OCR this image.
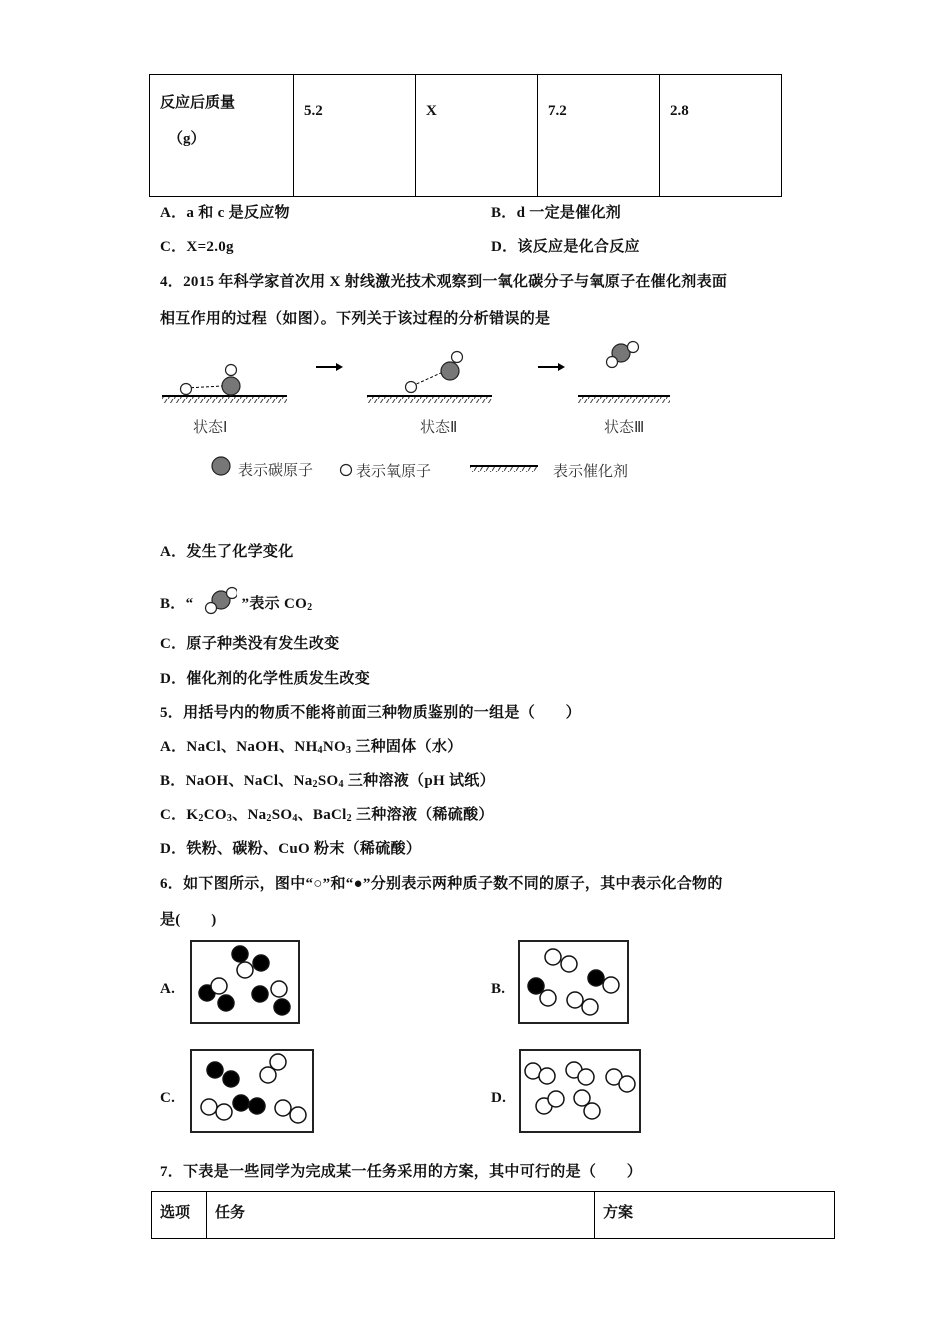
反应后质量
（g）

5.2	X	7.2	2.8
A．a 和 c 是反应物	B．d 一定是催化剂
C．X=2.0g	D．该反应是化合反应
4．2015 年科学家首次用 X 射线激光技术观察到一氧化碳分子与氧原子在催化剂表面
相互作用的过程（如图）。下列关于该过程的分析错误的是
状态Ⅰ	状态Ⅱ	状态Ⅲ
表示碳原子	表示氧原子	表示催化剂
A．发生了化学变化
B．“	”表示 $CO_2$
C．原子种类没有发生改变
D．催化剂的化学性质发生改变
5．用括号内的物质不能将前面三种物质鉴别的一组是（　　）
A．NaCl、NaOH、$NH_4NO_3$ 三种固体（水）
B．NaOH、NaCl、$Na_2SO_4$ 三种溶液（pH 试纸）
C．$K_2CO_3$、$Na_2SO_4$、BaCl$_2$ 三种溶液（稀硫酸）
D．铁粉、碳粉、CuO 粉末（稀硫酸）
6．如下图所示，图中“○”和“●”分别表示两种质子数不同的原子，其中表示化合物的
是(　　)
A.	B.
C.	D.
7．下表是一些同学为完成某一任务采用的方案，其中可行的是（　　）
选项	任务	方案
